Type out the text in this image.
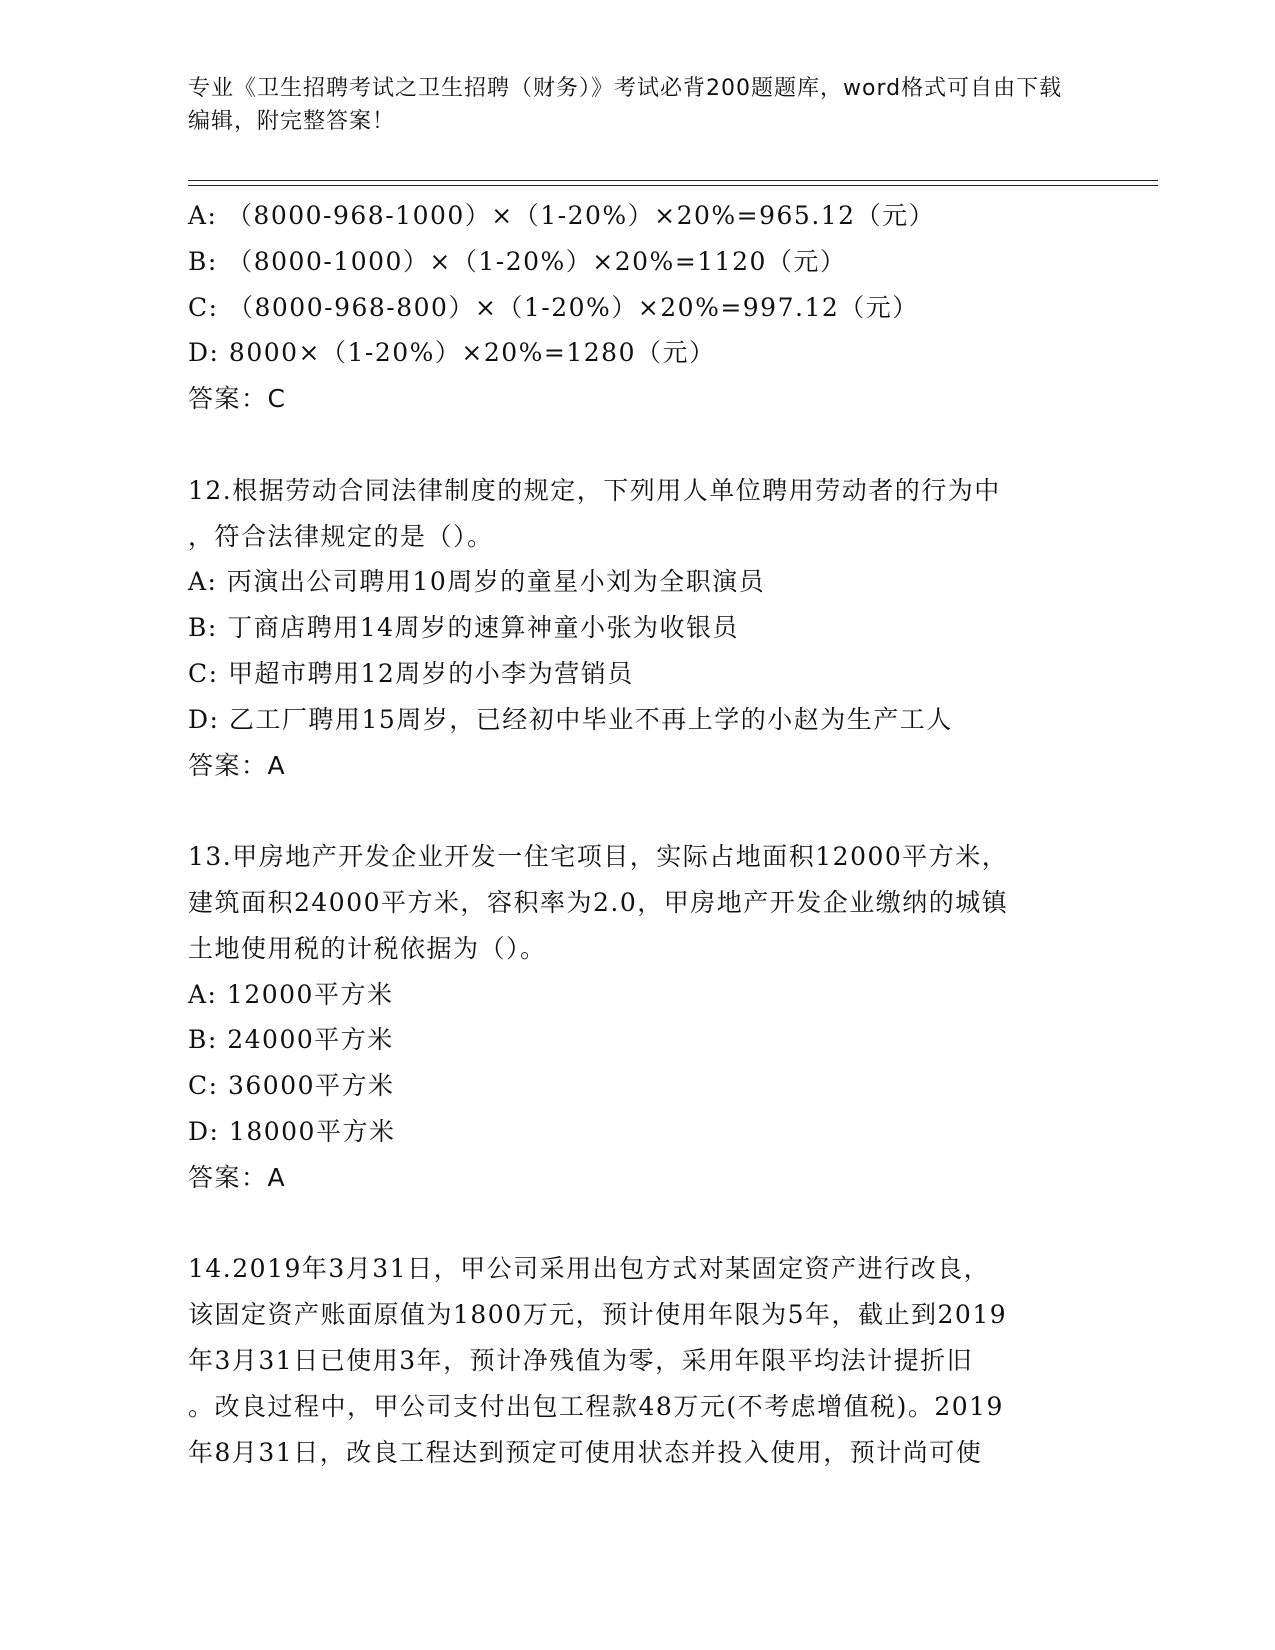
专业《卫生招聘考试之卫生招聘（财务）》考试必背200题题库，word格式可自由下载编辑，附完整答案！
A: （8000-968-1000）×（1-20%）×20%=965.12（元）
B: （8000-1000）×（1-20%）×20%=1120（元）
C: （8000-968-800）×（1-20%）×20%=997.12（元）
D: 8000×（1-20%）×20%=1280（元）
答案：C
12.根据劳动合同法律制度的规定，下列用人单位聘用劳动者的行为中
，符合法律规定的是（）。
A: 丙演出公司聘用10周岁的童星小刘为全职演员
B: 丁商店聘用14周岁的速算神童小张为收银员
C: 甲超市聘用12周岁的小李为营销员
D: 乙工厂聘用15周岁，已经初中毕业不再上学的小赵为生产工人
答案：A
13.甲房地产开发企业开发一住宅项目，实际占地面积12000平方米，
建筑面积24000平方米，容积率为2.0，甲房地产开发企业缴纳的城镇
土地使用税的计税依据为（）。
A: 12000平方米
B: 24000平方米
C: 36000平方米
D: 18000平方米
答案：A
14.2019年3月31日，甲公司采用出包方式对某固定资产进行改良，
该固定资产账面原值为1800万元，预计使用年限为5年，截止到2019
年3月31日已使用3年，预计净残值为零，采用年限平均法计提折旧
。改良过程中，甲公司支付出包工程款48万元(不考虑增值税)。2019
年8月31日，改良工程达到预定可使用状态并投入使用，预计尚可使
